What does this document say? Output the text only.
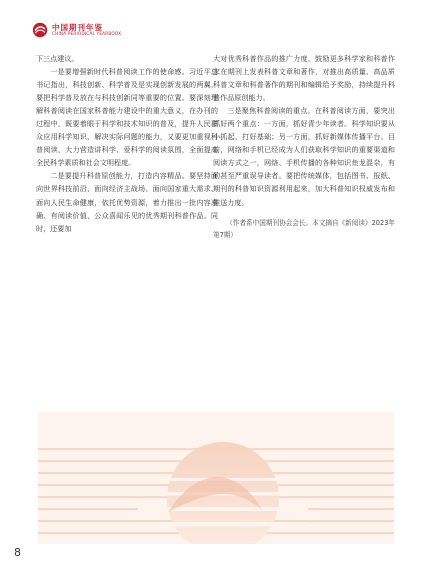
中国期刊年鉴
CHINA PERIODICAL YEARBOOK

下三点建议。

一是要增强新时代科普阅读工作的使命感。习近平总书记指出，科技创新、科学普及是实现创新发展的两翼，要把科学普及放在与科技创新同等重要的位置。要深刻理解科普阅读在国家科普能力建设中的重大意义，在办刊的过程中，既要着眼于科学和技术知识的普及，提升人民群众应用科学知识、解决实际问题的能力，又要更加重视科普阅读，大力营造讲科学、爱科学的阅读氛围，全面提高全民科学素质和社会文明程度。

二是要提升科普原创能力，打造内容精品。要坚持面向世界科技前沿、面向经济主战场、面向国家重大需求、面向人民生命健康，依托优势资源，着力推出一批内容准确、有阅读价值、公众喜闻乐见的优秀期刊科普作品。同时，还要加

大对优秀科普作品的推广力度，鼓励更多科学家和科普作家在期刊上发表科普文章和著作，对推出高质量、高品质科普文章和科普著作的期刊和编辑给予奖励，持续提升科普作品原创能力。

三是聚焦科普阅读的重点。在科普阅读方面，要突出抓好两个重点：一方面，抓好青少年读者。科学知识要从小抓起，打好基础；另一方面，抓好新媒体传播平台。目前，网络和手机已经成为人们获取科学知识的重要渠道和阅读方式之一，网络、手机传播的各种知识鱼龙混杂，有的甚至严重误导读者。要把传统媒体，包括图书、报纸、期刊的科普知识资源利用起来，加大科普知识权威发布和推送力度。

（作者系中国期刊协会会长。本文摘自《新阅读》2023年第7期）

8
